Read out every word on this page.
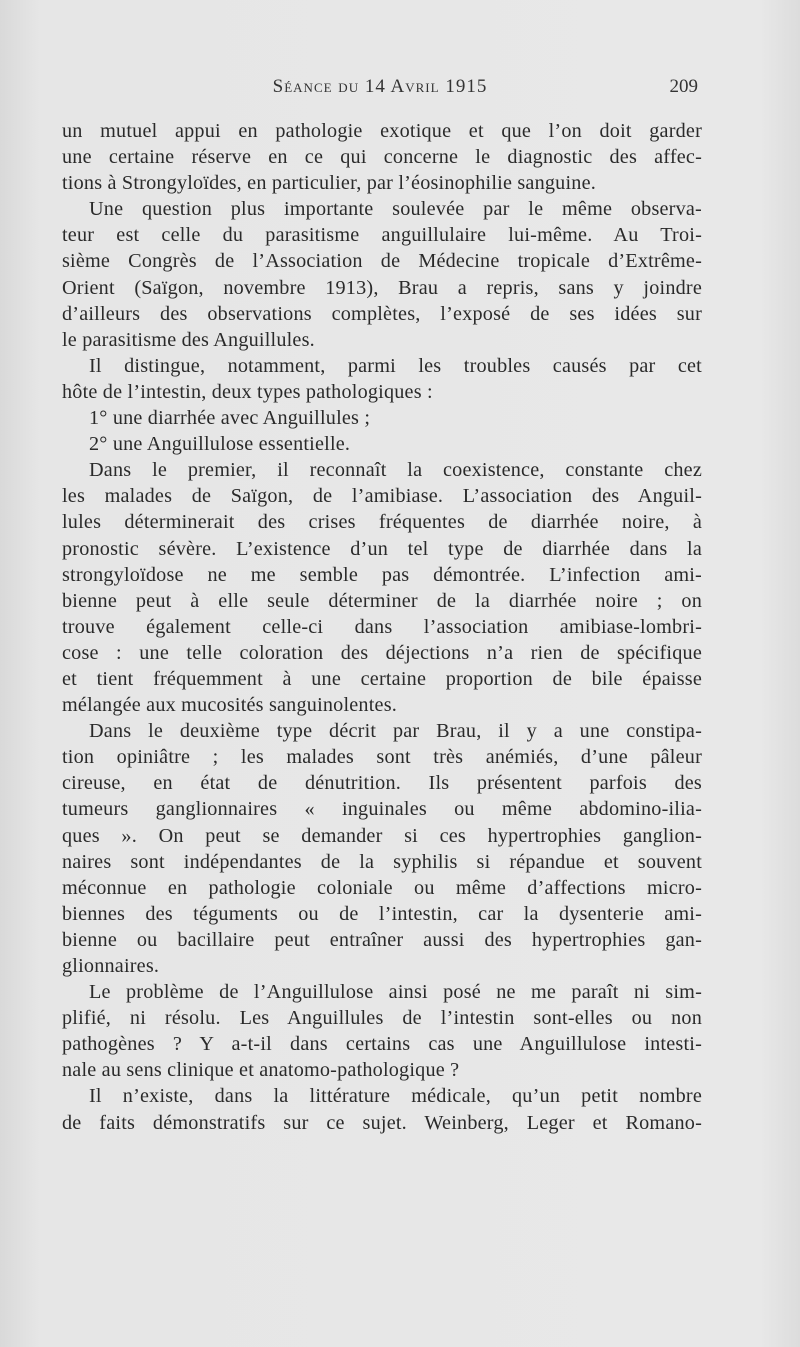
Séance du 14 Avril 1915	209
un mutuel appui en pathologie exotique et que l’on doit garder
une certaine réserve en ce qui concerne le diagnostic des affec-
tions à Strongyloïdes, en particulier, par l’éosinophilie sanguine.
Une question plus importante soulevée par le même observa-
teur est celle du parasitisme anguillulaire lui-même. Au Troi-
sième Congrès de l’Association de Médecine tropicale d’Extrême-
Orient (Saïgon, novembre 1913), Brau a repris, sans y joindre
d’ailleurs des observations complètes, l’exposé de ses idées sur
le parasitisme des Anguillules.
Il distingue, notamment, parmi les troubles causés par cet
hôte de l’intestin, deux types pathologiques :
1° une diarrhée avec Anguillules ;
2° une Anguillulose essentielle.
Dans le premier, il reconnaît la coexistence, constante chez
les malades de Saïgon, de l’amibiase. L’association des Anguil-
lules déterminerait des crises fréquentes de diarrhée noire, à
pronostic sévère. L’existence d’un tel type de diarrhée dans la
strongyloïdose ne me semble pas démontrée. L’infection ami-
bienne peut à elle seule déterminer de la diarrhée noire ; on
trouve également celle-ci dans l’association amibiase-lombri-
cose : une telle coloration des déjections n’a rien de spécifique
et tient fréquemment à une certaine proportion de bile épaisse
mélangée aux mucosités sanguinolentes.
Dans le deuxième type décrit par Brau, il y a une constipa-
tion opiniâtre ; les malades sont très anémiés, d’une pâleur
cireuse, en état de dénutrition. Ils présentent parfois des
tumeurs ganglionnaires « inguinales ou même abdomino-ilia-
ques ». On peut se demander si ces hypertrophies ganglion-
naires sont indépendantes de la syphilis si répandue et souvent
méconnue en pathologie coloniale ou même d’affections micro-
biennes des téguments ou de l’intestin, car la dysenterie ami-
bienne ou bacillaire peut entraîner aussi des hypertrophies gan-
glionnaires.
Le problème de l’Anguillulose ainsi posé ne me paraît ni sim-
plifié, ni résolu. Les Anguillules de l’intestin sont-elles ou non
pathogènes ? Y a-t-il dans certains cas une Anguillulose intesti-
nale au sens clinique et anatomo-pathologique ?
Il n’existe, dans la littérature médicale, qu’un petit nombre
de faits démonstratifs sur ce sujet. Weinberg, Leger et Romano-
